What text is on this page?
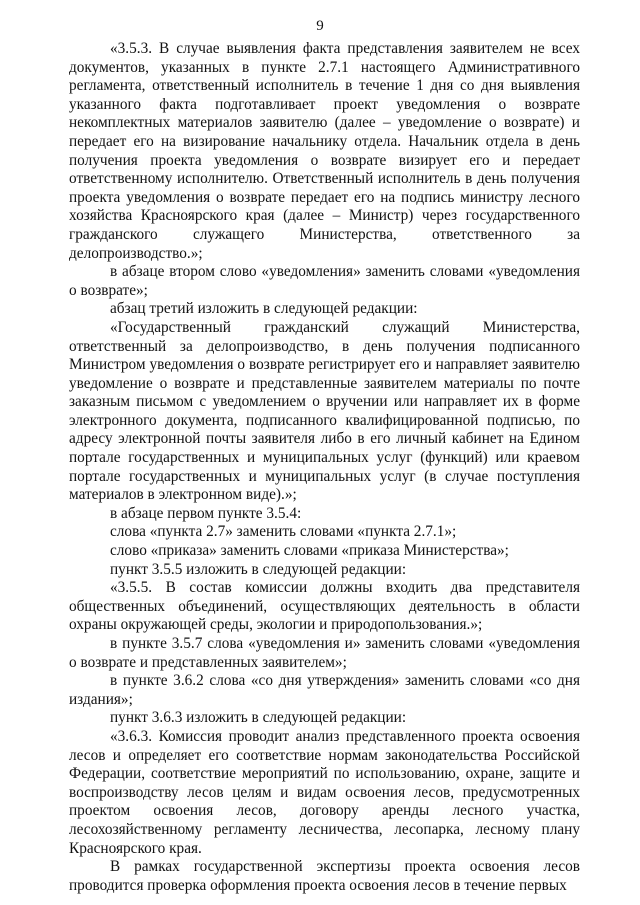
9

«3.5.3. В случае выявления факта представления заявителем не всех документов, указанных в пункте 2.7.1 настоящего Административного регламента, ответственный исполнитель в течение 1 дня со дня выявления указанного факта подготавливает проект уведомления о возврате некомплектных материалов заявителю (далее – уведомление о возврате) и передает его на визирование начальнику отдела. Начальник отдела в день получения проекта уведомления о возврате визирует его и передает ответственному исполнителю. Ответственный исполнитель в день получения проекта уведомления о возврате передает его на подпись министру лесного хозяйства Красноярского края (далее – Министр) через государственного гражданского служащего Министерства, ответственного за делопроизводство.»;

в абзаце втором слово «уведомления» заменить словами «уведомления о возврате»;

абзац третий изложить в следующей редакции:

«Государственный гражданский служащий Министерства, ответственный за делопроизводство, в день получения подписанного Министром уведомления о возврате регистрирует его и направляет заявителю уведомление о возврате и представленные заявителем материалы по почте заказным письмом с уведомлением о вручении или направляет их в форме электронного документа, подписанного квалифицированной подписью, по адресу электронной почты заявителя либо в его личный кабинет на Едином портале государственных и муниципальных услуг (функций) или краевом портале государственных и муниципальных услуг (в случае поступления материалов в электронном виде).»;

в абзаце первом пункте 3.5.4:

слова «пункта 2.7» заменить словами «пункта 2.7.1»;

слово «приказа» заменить словами «приказа Министерства»;

пункт 3.5.5 изложить в следующей редакции:

«3.5.5. В состав комиссии должны входить два представителя общественных объединений, осуществляющих деятельность в области охраны окружающей среды, экологии и природопользования.»;

в пункте 3.5.7 слова «уведомления и» заменить словами «уведомления о возврате и представленных заявителем»;

в пункте 3.6.2 слова «со дня утверждения» заменить словами «со дня издания»;

пункт 3.6.3 изложить в следующей редакции:

«3.6.3. Комиссия проводит анализ представленного проекта освоения лесов и определяет его соответствие нормам законодательства Российской Федерации, соответствие мероприятий по использованию, охране, защите и воспроизводству лесов целям и видам освоения лесов, предусмотренных проектом освоения лесов, договору аренды лесного участка, лесохозяйственному регламенту лесничества, лесопарка, лесному плану Красноярского края.

В рамках государственной экспертизы проекта освоения лесов проводится проверка оформления проекта освоения лесов в течение первых
